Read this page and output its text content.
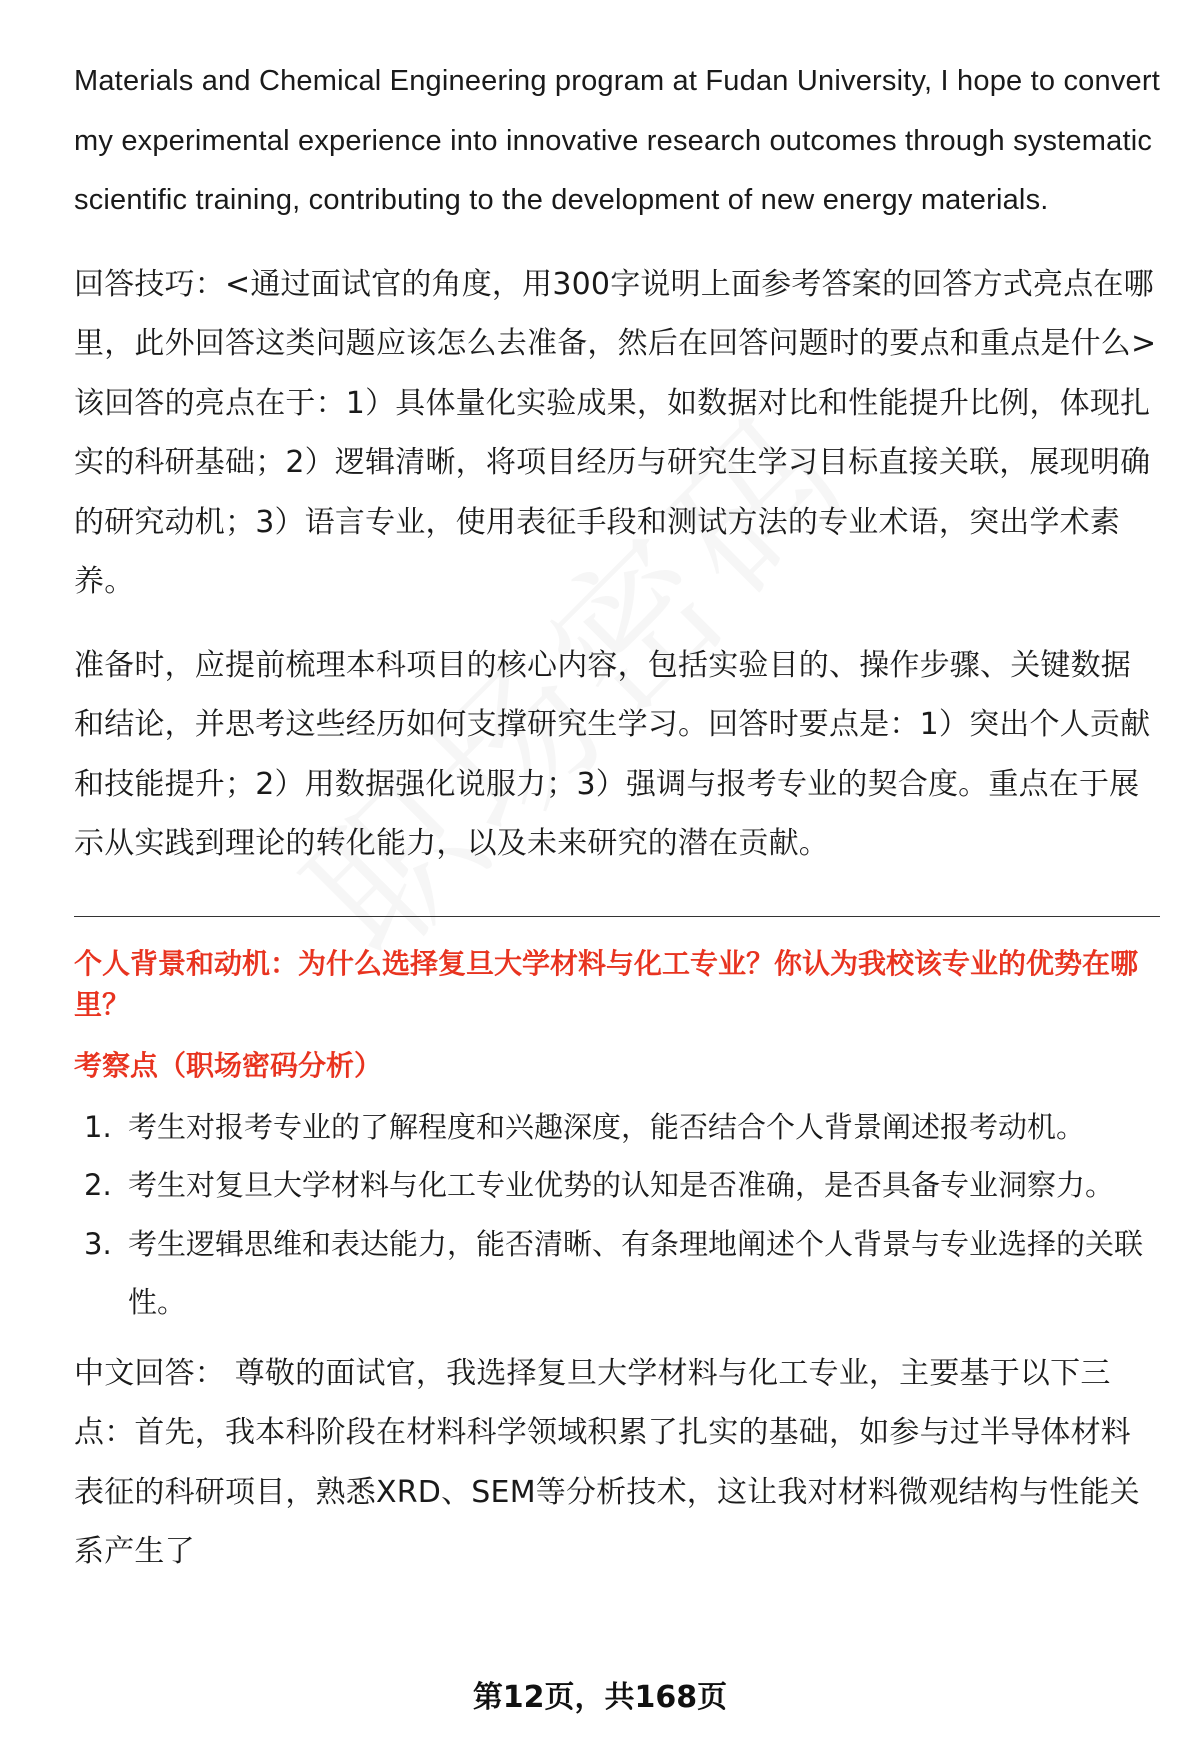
Materials and Chemical Engineering program at Fudan University, I hope to convert my experimental experience into innovative research outcomes through systematic scientific training, contributing to the development of new energy materials.

回答技巧：<通过面试官的角度，用300字说明上面参考答案的回答方式亮点在哪里，此外回答这类问题应该怎么去准备，然后在回答问题时的要点和重点是什么> 该回答的亮点在于：1）具体量化实验成果，如数据对比和性能提升比例，体现扎实的科研基础；2）逻辑清晰，将项目经历与研究生学习目标直接关联，展现明确的研究动机；3）语言专业，使用表征手段和测试方法的专业术语，突出学术素养。

准备时，应提前梳理本科项目的核心内容，包括实验目的、操作步骤、关键数据和结论，并思考这些经历如何支撑研究生学习。回答时要点是：1）突出个人贡献和技能提升；2）用数据强化说服力；3）强调与报考专业的契合度。重点在于展示从实践到理论的转化能力，以及未来研究的潜在贡献。

个人背景和动机：为什么选择复旦大学材料与化工专业？你认为我校该专业的优势在哪里？
考察点（职场密码分析）
1. 考生对报考专业的了解程度和兴趣深度，能否结合个人背景阐述报考动机。
2. 考生对复旦大学材料与化工专业优势的认知是否准确，是否具备专业洞察力。
3. 考生逻辑思维和表达能力，能否清晰、有条理地阐述个人背景与专业选择的关联性。

中文回答： 尊敬的面试官，我选择复旦大学材料与化工专业，主要基于以下三点：首先，我本科阶段在材料科学领域积累了扎实的基础，如参与过半导体材料表征的科研项目，熟悉XRD、SEM等分析技术，这让我对材料微观结构与性能关系产生了

第12页，共168页
